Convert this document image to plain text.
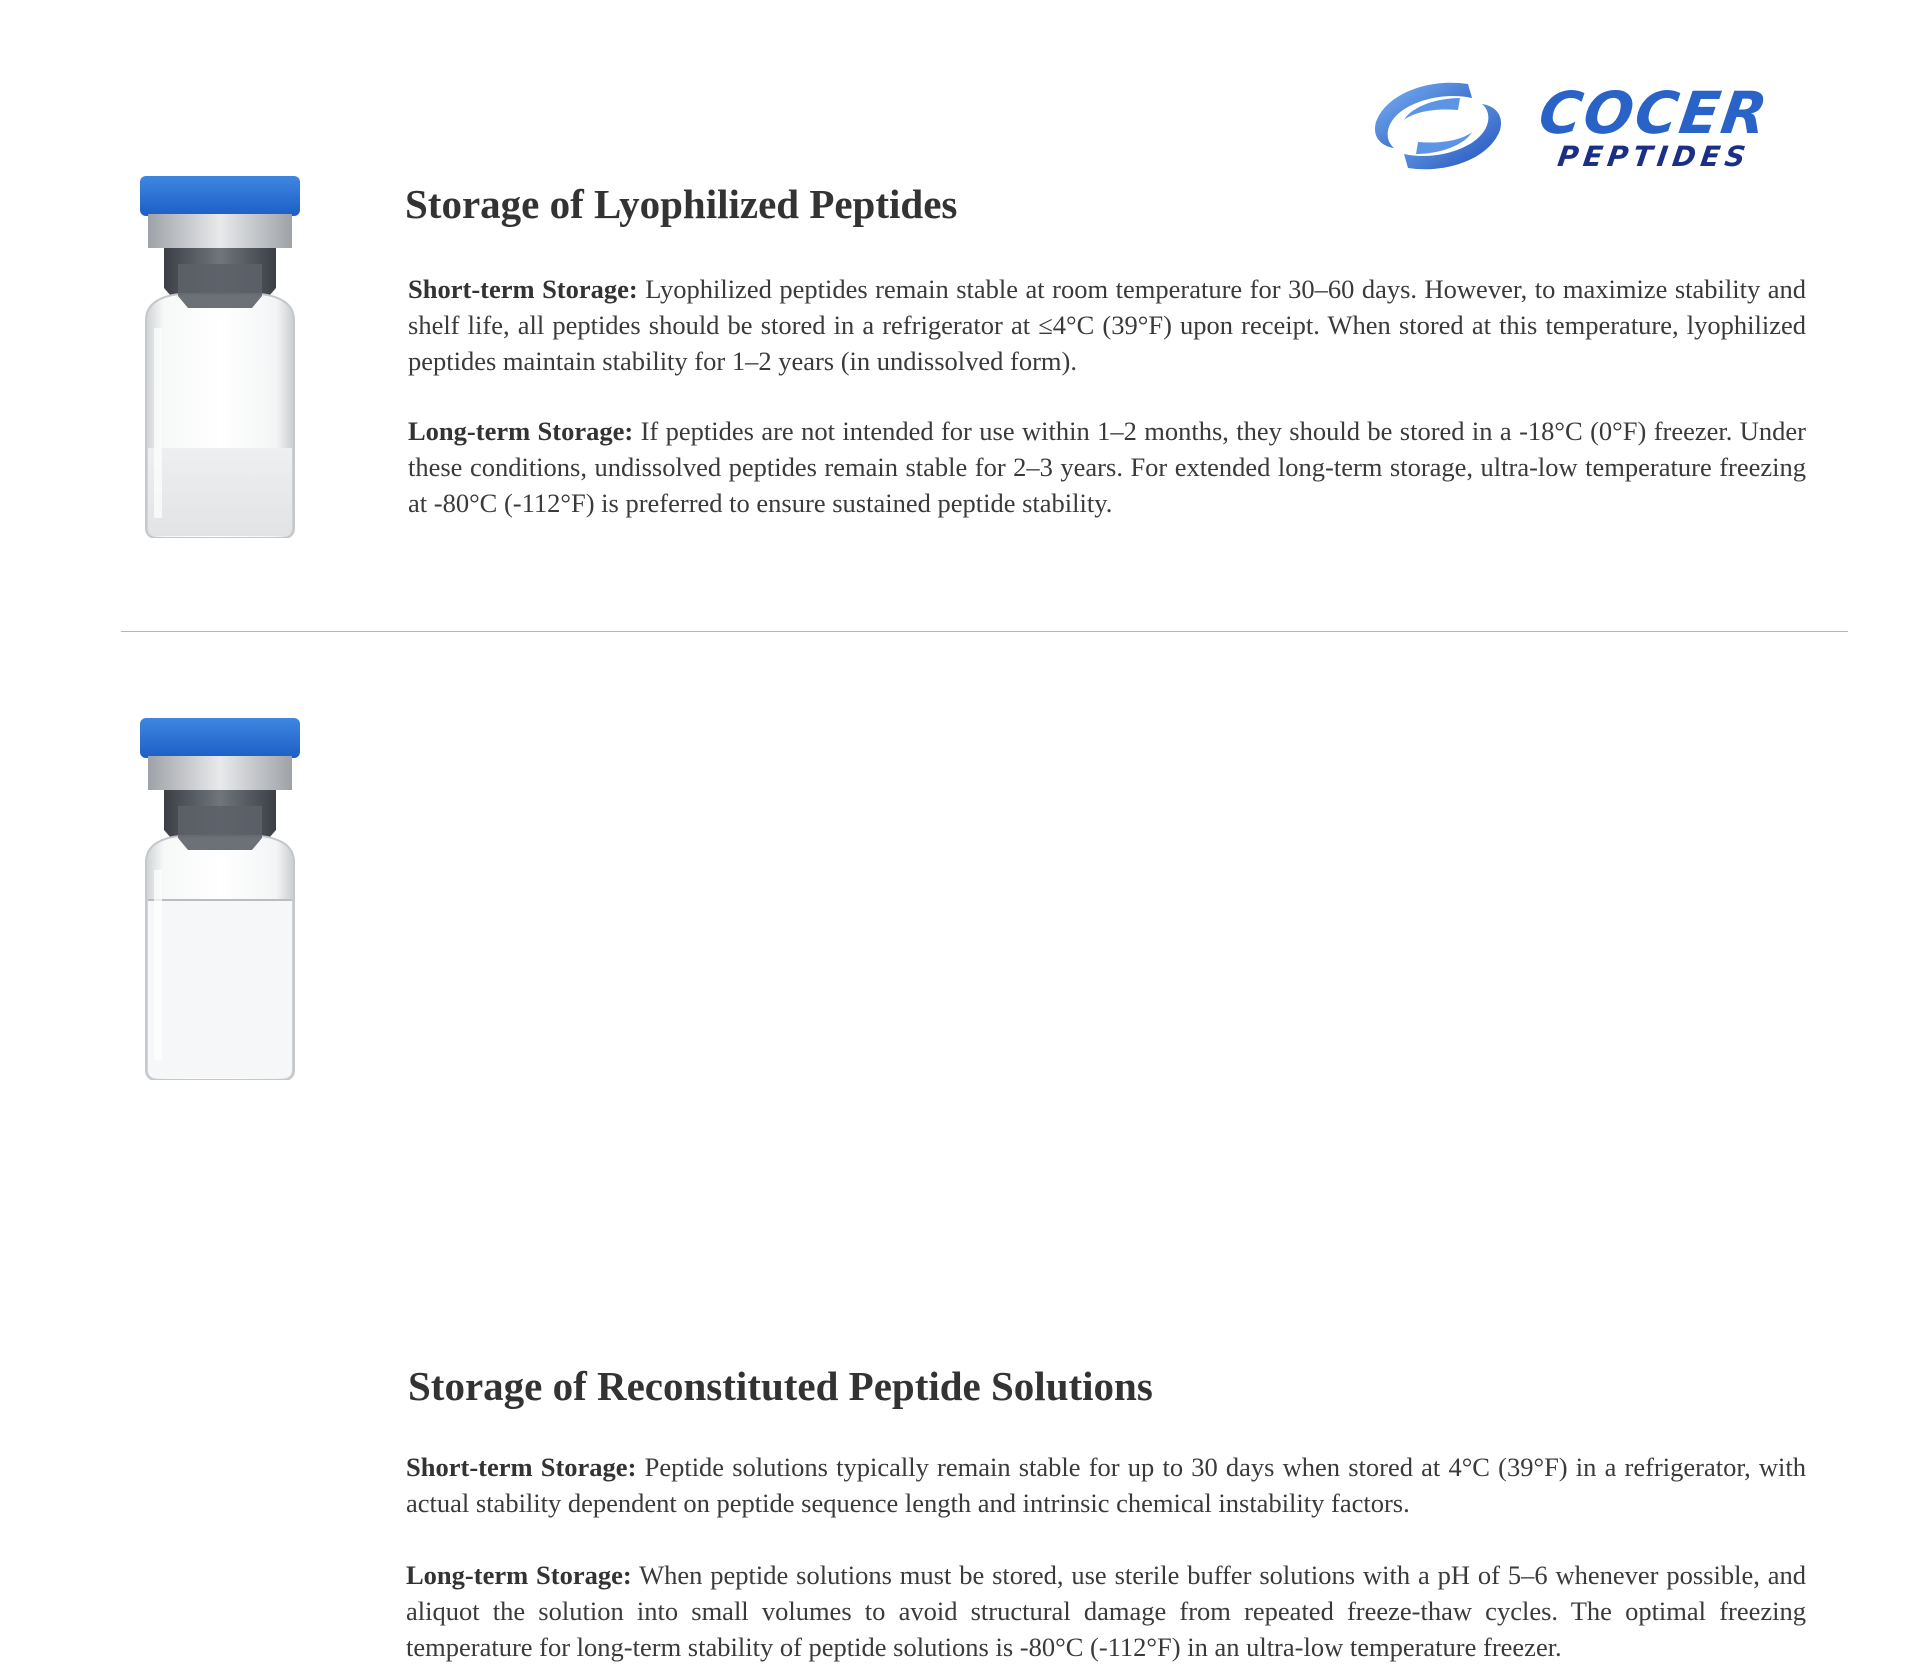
COCER
PEPTIDES
Storage of Lyophilized Peptides

Short-term Storage: Lyophilized peptides remain stable at room temperature for 30–60 days. However, to maximize stability and shelf life, all peptides should be stored in a refrigerator at ≤4°C (39°F) upon receipt. When stored at this temperature, lyophilized peptides maintain stability for 1–2 years (in undissolved form).

Long-term Storage: If peptides are not intended for use within 1–2 months, they should be stored in a -18°C (0°F) freezer. Under these conditions, undissolved peptides remain stable for 2–3 years. For extended long-term storage, ultra-low temperature freezing at -80°C (-112°F) is preferred to ensure sustained peptide stability.

Storage of Reconstituted Peptide Solutions

Short-term Storage: Peptide solutions typically remain stable for up to 30 days when stored at 4°C (39°F) in a refrigerator, with actual stability dependent on peptide sequence length and intrinsic chemical instability factors.

Long-term Storage: When peptide solutions must be stored, use sterile buffer solutions with a pH of 5–6 whenever possible, and aliquot the solution into small volumes to avoid structural damage from repeated freeze-thaw cycles. The optimal freezing temperature for long-term stability of peptide solutions is -80°C (-112°F) in an ultra-low temperature freezer.
